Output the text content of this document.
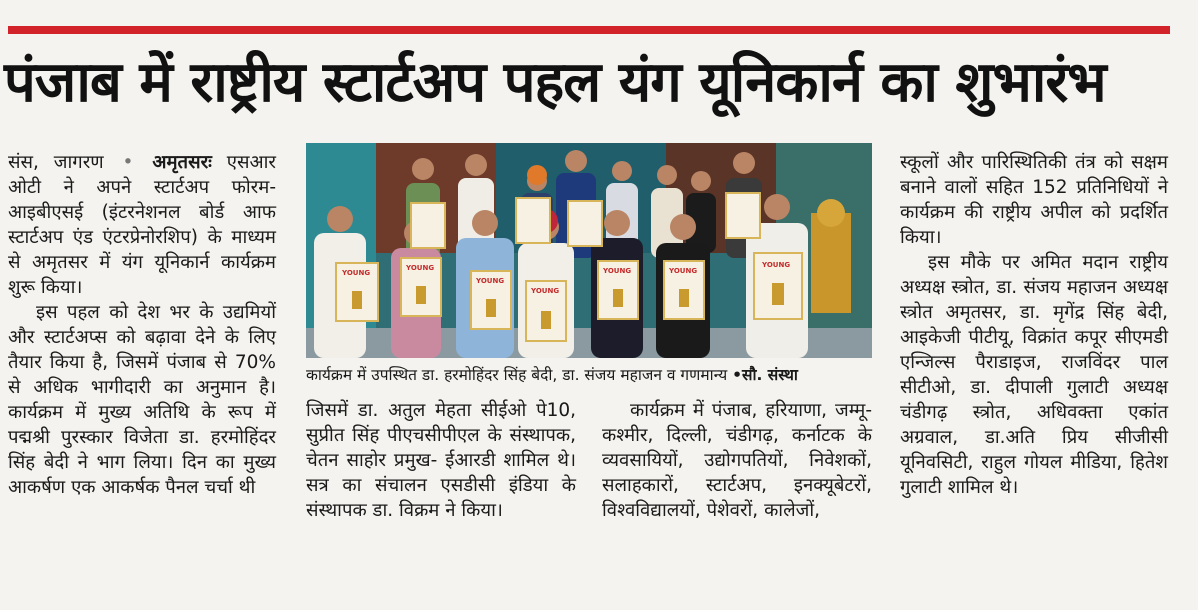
पंजाब में राष्ट्रीय स्टार्टअप पहल यंग यूनिकार्न का शुभारंभ

संस, जागरण • अमृतसरः एसआर ओटी ने अपने स्टार्टअप फोरम- आइबीएसई (इंटरनेशनल बोर्ड आफ स्टार्टअप एंड एंटरप्रेनोरशिप) के माध्यम से अमृतसर में यंग यूनिकार्न कार्यक्रम शुरू किया।

इस पहल को देश भर के उद्यमियों और स्टार्टअप्स को बढ़ावा देने के लिए तैयार किया है, जिसमें पंजाब से 70% से अधिक भागीदारी का अनुमान है। कार्यक्रम में मुख्य अतिथि के रूप में पद्मश्री पुरस्कार विजेता डा. हरमोहिंदर सिंह बेदी ने भाग लिया। दिन का मुख्य आकर्षण एक आकर्षक पैनल चर्चा थी

YOUNG
YOUNG
YOUNG
YOUNG
YOUNG	YOUNG
YOUNG
कार्यक्रम में उपस्थित डा. हरमोहिंदर सिंह बेदी, डा. संजय महाजन व गणमान्य •सौ. संस्था

जिसमें डा. अतुल मेहता सीईओ पे10, सुप्रीत सिंह पीएचसीपीएल के संस्थापक, चेतन साहोर प्रमुख- ईआरडी शामिल थे। सत्र का संचालन एसडीसी इंडिया के संस्थापक डा. विक्रम ने किया।

कार्यक्रम में पंजाब, हरियाणा, जम्मू-कश्मीर, दिल्ली, चंडीगढ़, कर्नाटक के व्यवसायियों, उद्योगपतियों, निवेशकों, सलाहकारों, स्टार्टअप, इनक्यूबेटरों, विश्वविद्यालयों, पेशेवरों, कालेजों,

स्कूलों और पारिस्थितिकी तंत्र को सक्षम बनाने वालों सहित 152 प्रतिनिधियों ने कार्यक्रम की राष्ट्रीय अपील को प्रदर्शित किया।

इस मौके पर अमित मदान राष्ट्रीय अध्यक्ष स्त्रोत, डा. संजय महाजन अध्यक्ष स्त्रोत अमृतसर, डा. मृगेंद्र सिंह बेदी, आइकेजी पीटीयू, विक्रांत कपूर सीएमडी एन्जिल्स पैराडाइज, राजविंदर पाल सीटीओ, डा. दीपाली गुलाटी अध्यक्ष चंडीगढ़ स्त्रोत, अधिवक्ता एकांत अग्रवाल, डा.अति प्रिय सीजीसी यूनिवसिटी, राहुल गोयल मीडिया, हितेश गुलाटी शामिल थे।
